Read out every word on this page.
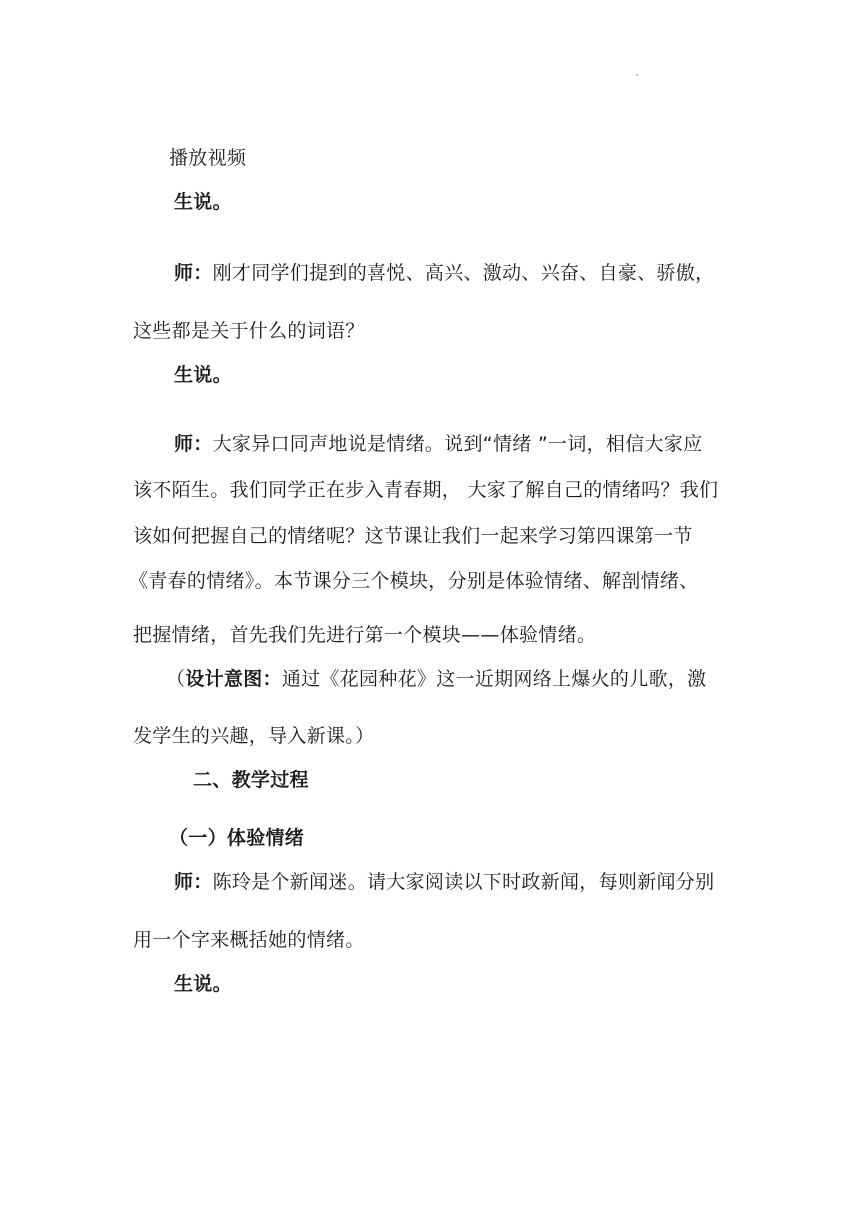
播放视频
生说。
师：刚才同学们提到的喜悦、高兴、激动、兴奋、自豪、骄傲，
这些都是关于什么的词语？
生说。
师：大家异口同声地说是情绪。说到“情绪 ”一词，相信大家应
该不陌生。我们同学正在步入青春期， 大家了解自己的情绪吗？我们
该如何把握自己的情绪呢？这节课让我们一起来学习第四课第一节
《青春的情绪》。本节课分三个模块，分别是体验情绪、解剖情绪、
把握情绪，首先我们先进行第一个模块——体验情绪。
（设计意图：通过《花园种花》这一近期网络上爆火的儿歌，激
发学生的兴趣，导入新课。）
二、教学过程
（一）体验情绪
师：陈玲是个新闻迷。请大家阅读以下时政新闻，每则新闻分别
用一个字来概括她的情绪。
生说。
